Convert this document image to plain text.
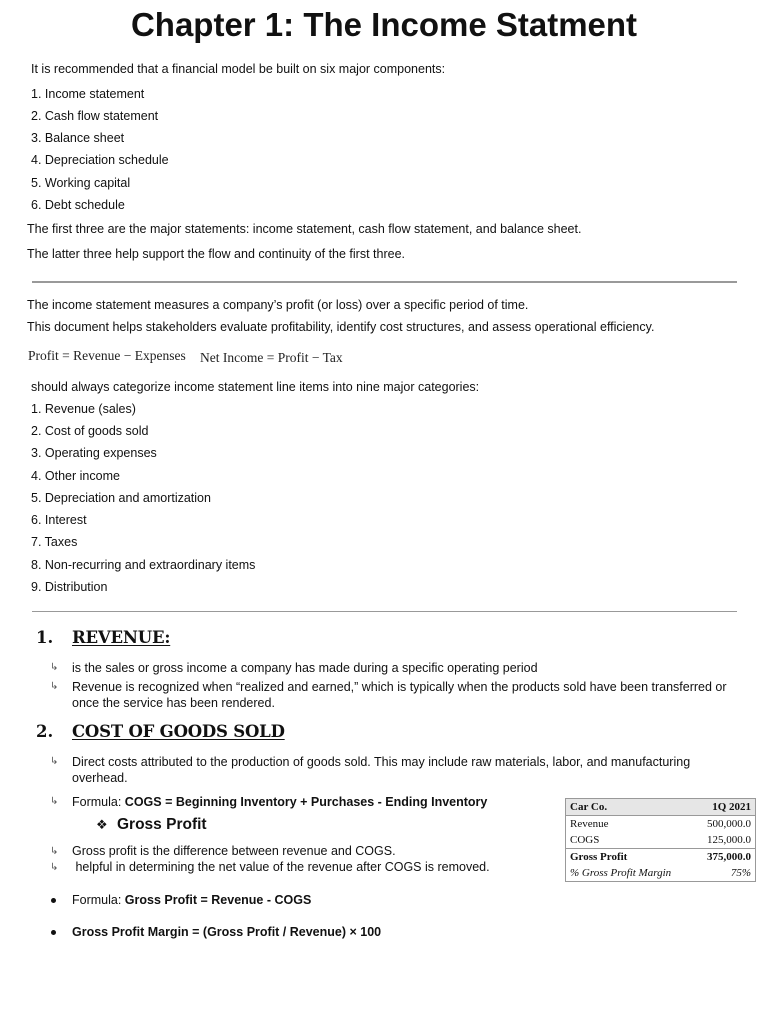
Chapter 1: The Income Statment
It is recommended that a financial model be built on six major components:
1. Income statement
2. Cash flow statement
3. Balance sheet
4. Depreciation schedule
5. Working capital
6. Debt schedule
The first three are the major statements: income statement, cash flow statement, and balance sheet.
The latter three help support the flow and continuity of the first three.
The income statement measures a company’s profit (or loss) over a specific period of time.
This document helps stakeholders evaluate profitability, identify cost structures, and assess operational efficiency.
Profit = Revenue − Expenses Net Income = Profit − Tax
should always categorize income statement line items into nine major categories:
1. Revenue (sales)
2. Cost of goods sold
3. Operating expenses
4. Other income
5. Depreciation and amortization
6. Interest
7. Taxes
8. Non-recurring and extraordinary items
9. Distribution
1. REVENUE:
↳ is the sales or gross income a company has made during a specific operating period
↳ Revenue is recognized when “realized and earned,” which is typically when the products sold have been transferred or
once the service has been rendered.
2. COST OF GOODS SOLD
↳ Direct costs attributed to the production of goods sold. This may include raw materials, labor, and manufacturing
overhead.
↳ Formula: COGS = Beginning Inventory + Purchases - Ending Inventory
❖ Gross Profit
↳ Gross profit is the difference between revenue and COGS.
↳ helpful in determining the net value of the revenue after COGS is removed.
Formula: Gross Profit = Revenue - COGS
Gross Profit Margin = (Gross Profit / Revenue) × 100
Car Co.	1Q 2021
Revenue	500,000.0
COGS	125,000.0
Gross Profit	375,000.0
% Gross Profit Margin	75%
